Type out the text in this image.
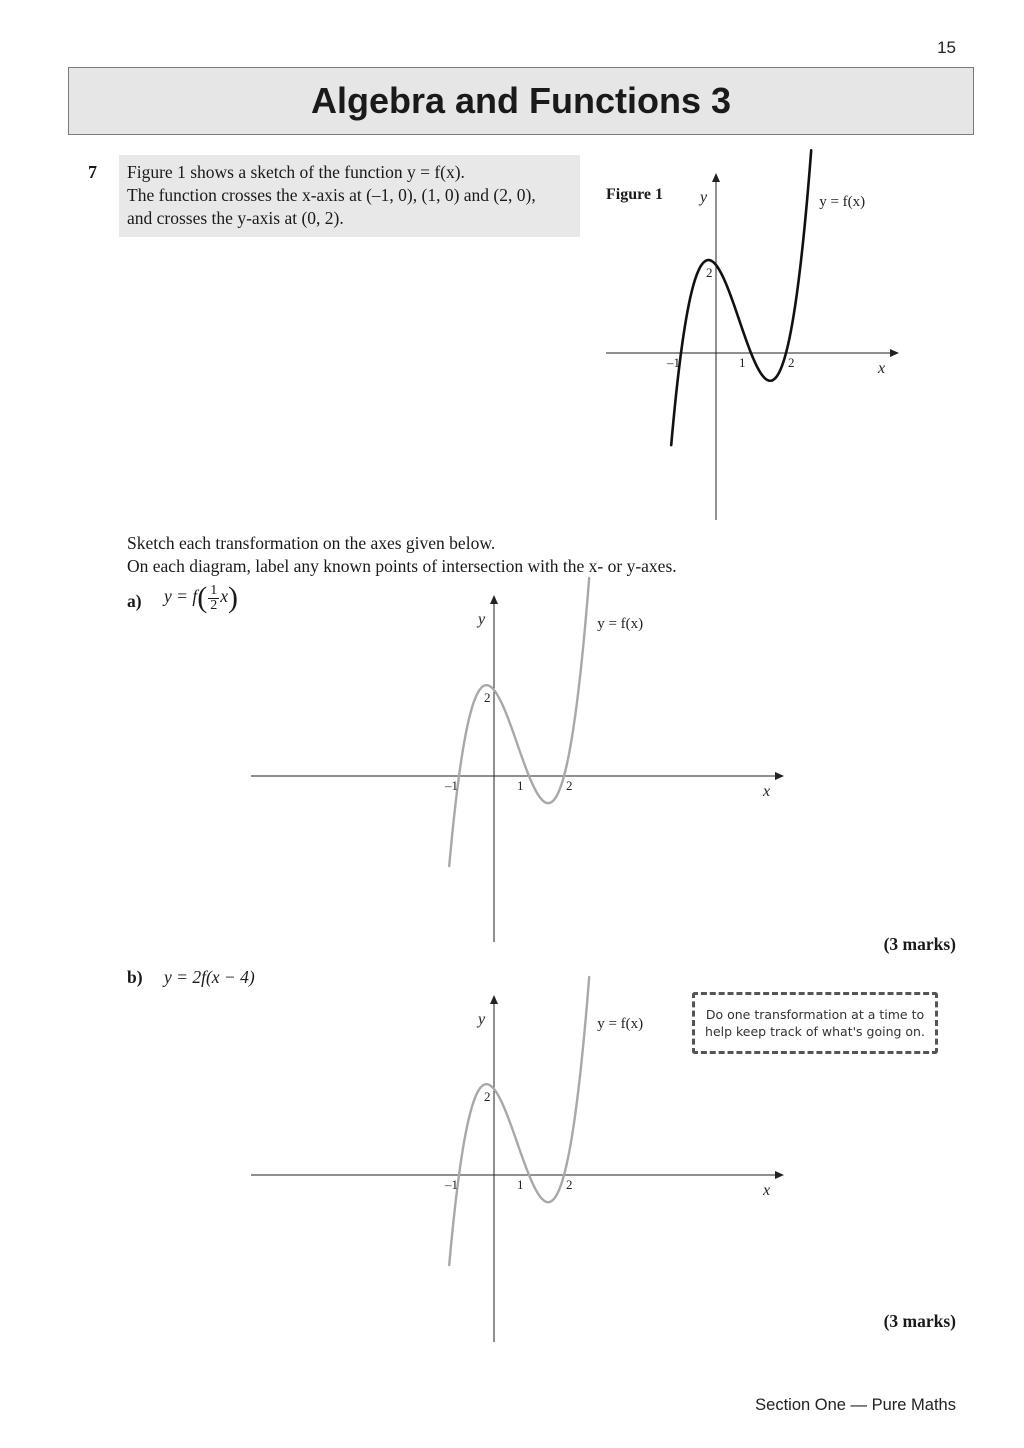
15
Algebra and Functions 3
7 Figure 1 shows a sketch of the function y = f(x).
The function crosses the x-axis at (–1, 0), (1, 0) and (2, 0),
and crosses the y-axis at (0, 2).
Figure 1
–1	1	2
2
x
y	y = f(x)
Sketch each transformation on the axes given below.
On each diagram, label any known points of intersection with the x- or y-axes.
a) $y = f( \frac{1}{2} x)$
–1	1	2
2
x
y	y = f(x)
(3 marks)
b) y = 2f(x − 4)
Do one transformation at a time to
help keep track of what's going on.
–1	1	2
2
x
y	y = f(x)
(3 marks)
Section One — Pure Maths
